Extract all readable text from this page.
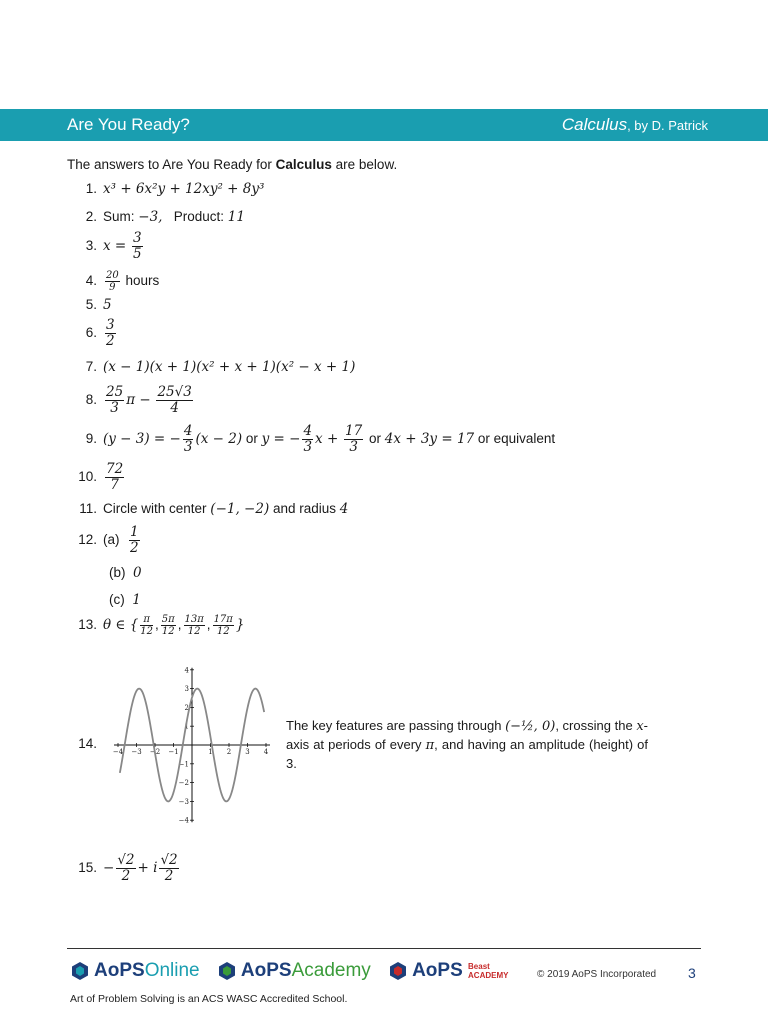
Are You Ready?	Calculus, by D. Patrick
The answers to Are You Ready for Calculus are below.
1. x³ + 6x²y + 12xy² + 8y³
2. Sum: −3, Product: 11
3. $x = \frac{3}{5}$
4. $\frac{20}{9}$ hours
5. 5
6. $\frac{3}{2}$
7. (x − 1)(x + 1)(x² + x + 1)(x² − x + 1)
8. $\frac{25}{3}$ $\pi - \frac{25√3}{4}$
9. (y − 3) = − $\frac{4}{3} (x - 2)$ or y = − $\frac{4}{3}$ $x + \frac{17}{3}$ or 4x + 3y = 17 or equivalent
10. $\frac{72}{7}$
11. Circle with center (−1, −2) and radius 4
12. $(a) \frac{1}{2}$
(b) 0
(c) 1
13. θ ∈ { $\frac{\pi}{12}$ , $\frac{5\pi}{12}$ , $\frac{13\pi}{12}$ , $\frac{17\pi}{12}$ }
14.
−4 −3 −2 −1	1 2 3 4
4
3
2
1
−1
−2
−3
−4
The key features are passing through (−½, 0), crossing the x-axis at periods of every π, and having an amplitude (height) of 3.
15. − $\frac{√2}{2} + i \frac{√2}{2}$
AoPSOnline AoPSAcademy AoPS Beast
ACADEMY	© 2019 AoPS Incorporated 3
Art of Problem Solving is an ACS WASC Accredited School.
